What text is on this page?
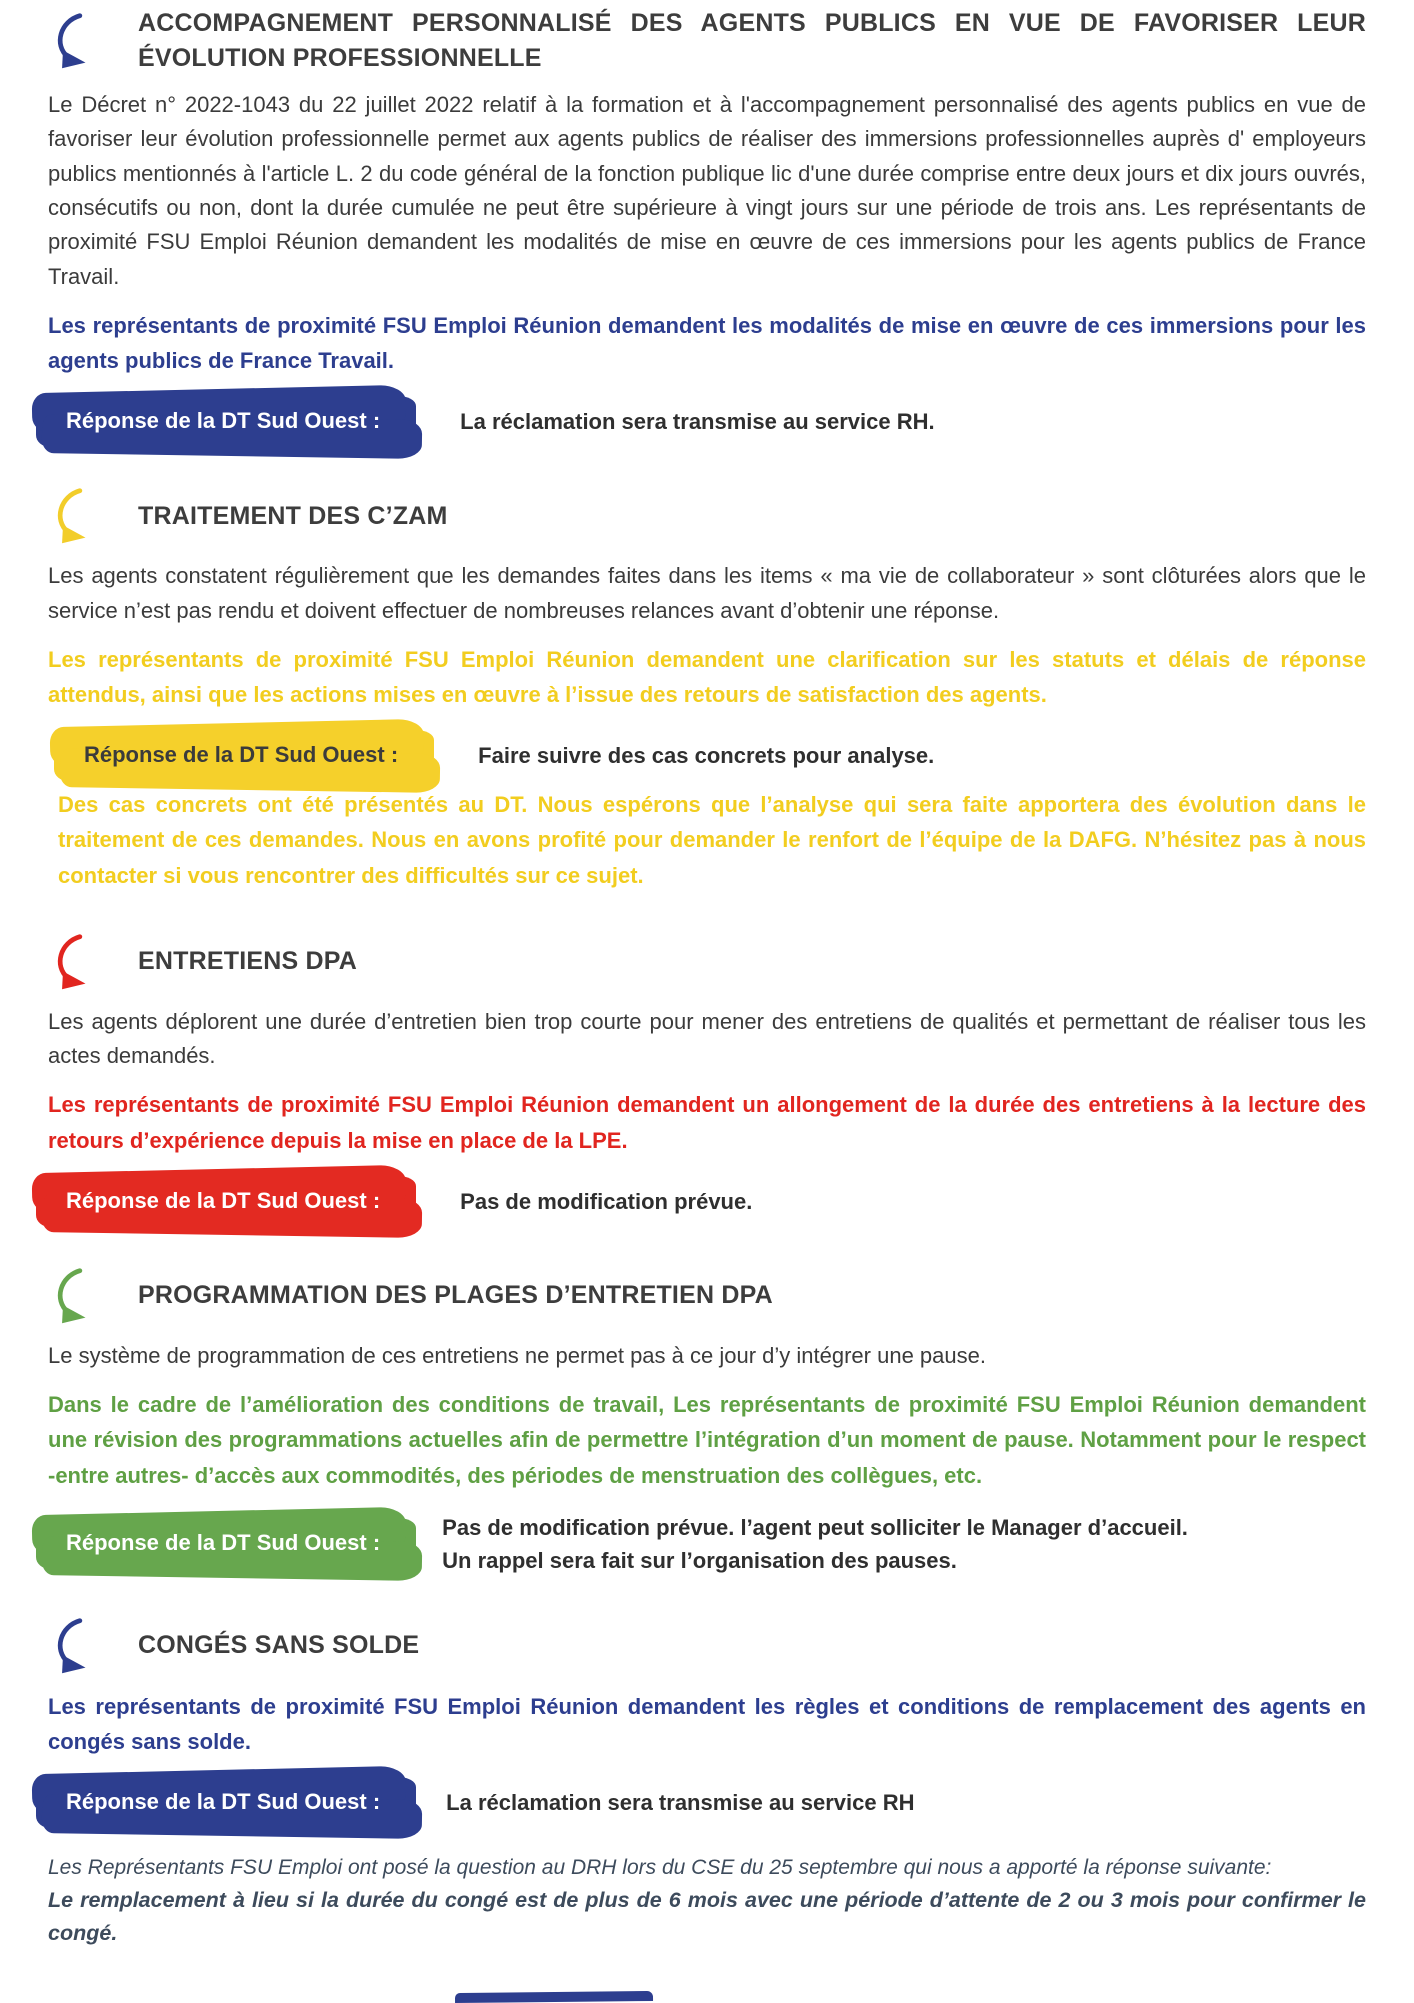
ACCOMPAGNEMENT PERSONNALISÉ DES AGENTS PUBLICS EN VUE DE FAVORISER LEUR ÉVOLUTION PROFESSIONNELLE

Le Décret n° 2022-1043 du 22 juillet 2022 relatif à la formation et à l'accompagnement personnalisé des agents publics en vue de favoriser leur évolution professionnelle permet aux agents publics de réaliser des immersions professionnelles auprès d' employeurs publics mentionnés à l'article L. 2 du code général de la fonction publique lic d'une durée comprise entre deux jours et dix jours ouvrés, consécutifs ou non, dont la durée cumulée ne peut être supérieure à vingt jours sur une période de trois ans. Les représentants de proximité FSU Emploi Réunion demandent les modalités de mise en œuvre de ces immersions pour les agents publics de France Travail.

Les représentants de proximité FSU Emploi Réunion demandent les modalités de mise en œuvre de ces immersions pour les agents publics de France Travail.

Réponse de la DT Sud Ouest :	La réclamation sera transmise au service RH.
TRAITEMENT DES C’ZAM

Les agents constatent régulièrement que les demandes faites dans les items « ma vie de collaborateur » sont clôturées alors que le service n’est pas rendu et doivent effectuer de nombreuses relances avant d’obtenir une réponse.

Les représentants de proximité FSU Emploi Réunion demandent une clarification sur les statuts et délais de réponse attendus, ainsi que les actions mises en œuvre à l’issue des retours de satisfaction des agents.

Réponse de la DT Sud Ouest :	Faire suivre des cas concrets pour analyse.

Des cas concrets ont été présentés au DT. Nous espérons que l’analyse qui sera faite apportera des évolution dans le traitement de ces demandes. Nous en avons profité pour demander le renfort de l’équipe de la DAFG. N’hésitez pas à nous contacter si vous rencontrer des difficultés sur ce sujet.

ENTRETIENS DPA

Les agents déplorent une durée d’entretien bien trop courte pour mener des entretiens de qualités et permettant de réaliser tous les actes demandés.

Les représentants de proximité FSU Emploi Réunion demandent un allongement de la durée des entretiens à la lecture des retours d’expérience depuis la mise en place de la LPE.

Réponse de la DT Sud Ouest :	Pas de modification prévue.
PROGRAMMATION DES PLAGES D’ENTRETIEN DPA

Le système de programmation de ces entretiens ne permet pas à ce jour d’y intégrer une pause.

Dans le cadre de l’amélioration des conditions de travail, Les représentants de proximité FSU Emploi Réunion demandent une révision des programmations actuelles afin de permettre l’intégration d’un moment de pause. Notamment pour le respect -entre autres- d’accès aux commodités, des périodes de menstruation des collègues, etc.

Réponse de la DT Sud Ouest :
Pas de modification prévue. l’agent peut solliciter le Manager d’accueil.
Un rappel sera fait sur l’organisation des pauses.
CONGÉS SANS SOLDE

Les représentants de proximité FSU Emploi Réunion demandent les règles et conditions de remplacement des agents en congés sans solde.

Réponse de la DT Sud Ouest :	La réclamation sera transmise au service RH
Les Représentants FSU Emploi ont posé la question au DRH lors du CSE du 25 septembre qui nous a apporté la réponse suivante:
Le remplacement à lieu si la durée du congé est de plus de 6 mois avec une période d’attente de 2 ou 3 mois pour confirmer le congé.
